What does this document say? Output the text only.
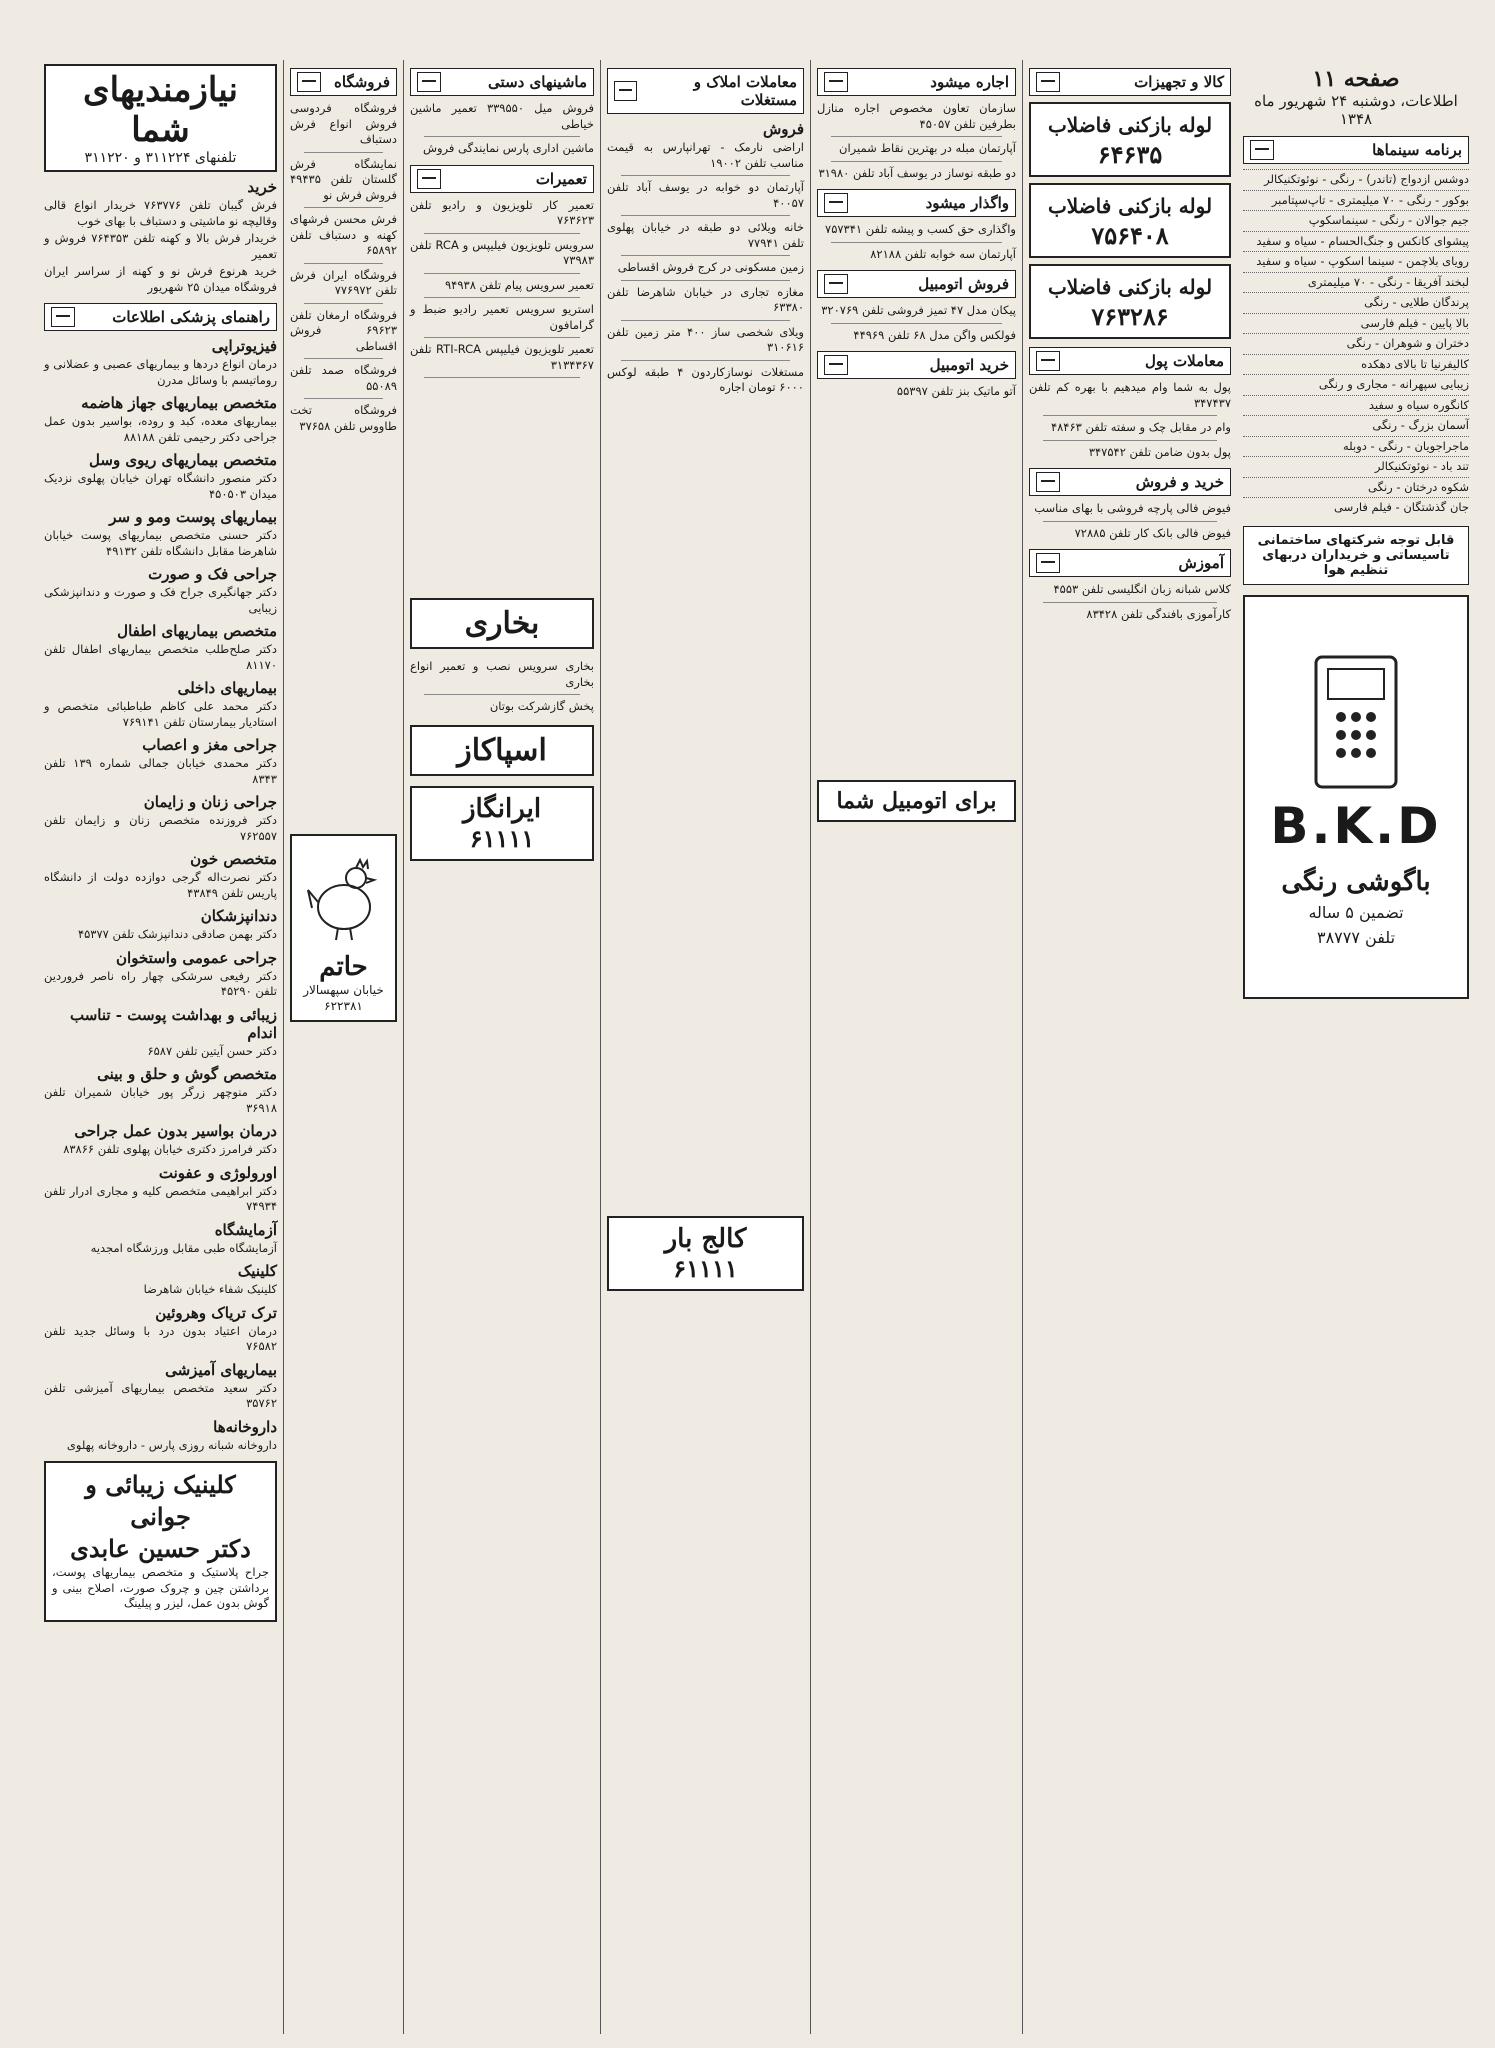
نیازمندیهای شما
تلفنهای ۳۱۱۲۲۴ و ۳۱۱۲۲۰
خرید
فرش گیبان تلفن ۷۶۳۷۷۶ خریدار انواع قالی وقالیچه نو ماشیتی و دستباف با بهای خوب
خریدار فرش بالا و کهنه تلفن ۷۶۴۳۵۳ فروش و تعمیر
خرید هرنوع فرش نو و کهنه از سراسر ایران فروشگاه میدان ۲۵ شهریور
راهنمای پزشکی اطلاعات
فیزیوتراپی
درمان انواع دردها و بیماریهای عصبی و عضلانی و روماتیسم با وسائل مدرن
متخصص بیماریهای جهاز هاضمه
بیماریهای معده، کبد و روده، بواسیر بدون عمل جراحی دکتر رحیمی تلفن ۸۸۱۸۸
متخصص بیماریهای ریوی وسل
دکتر منصور دانشگاه تهران خیابان پهلوی نزدیک میدان ۴۵۰۵۰۳
بیماریهای پوست ومو و سر
دکتر حسنی متخصص بیماریهای پوست خیابان شاهرضا مقابل دانشگاه تلفن ۴۹۱۳۲
جراحی فک و صورت
دکتر جهانگیری جراح فک و صورت و دندانپزشکی زیبایی
متخصص بیماریهای اطفال
دکتر صلح‌طلب متخصص بیماریهای اطفال تلفن ۸۱۱۷۰
بیماریهای داخلی
دکتر محمد علی کاظم طباطبائی متخصص و استادیار بیمارستان تلفن ۷۶۹۱۴۱
جراحی مغز و اعصاب
دکتر محمدی خیابان جمالی شماره ۱۳۹ تلفن ۸۳۴۳
جراحی زنان و زایمان
دکتر فروزنده متخصص زنان و زایمان تلفن ۷۶۲۵۵۷
متخصص خون
دکتر نصرت‌اله گرجی دوازده دولت از دانشگاه پاریس تلفن ۴۳۸۴۹
دندانپزشکان
دکتر بهمن صادقی دندانپزشک تلفن ۴۵۳۷۷
جراحی عمومی واستخوان
دکتر رفیعی سرشکی چهار راه ناصر فروردین تلفن ۴۵۲۹۰
زیبائی و بهداشت پوست - تناسب اندام
دکتر حسن آیتین تلفن ۶۵۸۷
متخصص گوش و حلق و بینی
دکتر منوچهر زرگر پور خیابان شمیران تلفن ۳۶۹۱۸
درمان بواسیر بدون عمل جراحی
دکتر فرامرز دکتری خیابان پهلوی تلفن ۸۳۸۶۶
اورولوژی و عفونت
دکتر ابراهیمی متخصص کلیه و مجاری ادرار تلفن ۷۴۹۳۴
آزمایشگاه
آزمایشگاه طبی مقابل ورزشگاه امجدیه
کلینیک
کلینیک شفاء خیابان شاهرضا
ترک تریاک وهروئین
درمان اعتیاد بدون درد با وسائل جدید تلفن ۷۶۵۸۲
بیماریهای آمیزشی
دکتر سعید متخصص بیماریهای آمیزشی تلفن ۳۵۷۶۲
داروخانه‌ها
داروخانه شبانه روزی پارس - داروخانه پهلوی
کلینیک زیبائی و جوانی
دکتر حسین عابدی
جراح پلاستیک و متخصص بیماریهای پوست، برداشتن چین و چروک صورت، اصلاح بینی و گوش بدون عمل، لیزر و پیلینگ
فروشگاه
فروشگاه فردوسی فروش انواع فرش دستباف
نمایشگاه فرش گلستان تلفن ۴۹۴۳۵ فروش فرش نو
فرش محسن فرشهای کهنه و دستباف تلفن ۶۵۸۹۲
فروشگاه ایران فرش تلفن ۷۷۶۹۷۲
فروشگاه ارمغان تلفن ۶۹۶۲۳ فروش اقساطی
فروشگاه صمد تلفن ۵۵۰۸۹
فروشگاه تخت طاووس تلفن ۳۷۶۵۸
حاتم
خیابان سپهسالار ۶۲۲۳۸۱
ماشینهای دستی
فروش میل ۳۳۹۵۵۰ تعمیر ماشین خیاطی
ماشین اداری پارس نمایندگی فروش
تعمیرات
تعمیر کار تلویزیون و رادیو تلفن ۷۶۳۶۲۳
سرویس تلویزیون فیلیپس و RCA تلفن ۷۳۹۸۳
تعمیر سرویس پیام تلفن ۹۴۹۳۸
استریو سرویس تعمیر رادیو ضبط و گرامافون
تعمیر تلویزیون فیلیپس RTI-RCA تلفن ۳۱۳۴۳۶۷
بخاری
بخاری سرویس نصب و تعمیر انواع بخاری
پخش گازشرکت بوتان
اسپاکاز
ایرانگاز
۶۱۱۱۱
معاملات املاک و مستغلات
فروش
اراضی نارمک - تهرانپارس به قیمت مناسب تلفن ۱۹۰۰۲
آپارتمان دو خوابه در یوسف آباد تلفن ۴۰۰۵۷
خانه ویلائی دو طبقه در خیابان پهلوی تلفن ۷۷۹۴۱
زمین مسکونی در کرج فروش اقساطی
مغازه تجاری در خیابان شاهرضا تلفن ۶۳۳۸۰
ویلای شخصی ساز ۴۰۰ متر زمین تلفن ۳۱۰۶۱۶
مستغلات نوسازکاردون ۴ طبقه لوکس ۶۰۰۰ تومان اجاره
کالج بار
۶۱۱۱۱
اجاره میشود
سازمان تعاون مخصوص اجاره منازل بطرفین تلفن ۴۵۰۵۷
آپارتمان مبله در بهترین نقاط شمیران
دو طبقه نوساز در یوسف آباد تلفن ۳۱۹۸۰
واگذار میشود
واگذاری حق کسب و پیشه تلفن ۷۵۷۳۴۱
آپارتمان سه خوابه تلفن ۸۲۱۸۸
فروش اتومبیل
پیکان مدل ۴۷ تمیز فروشی تلفن ۳۲۰۷۶۹
فولکس واگن مدل ۶۸ تلفن ۴۴۹۶۹
خرید اتومبیل
آتو ماتیک بنز تلفن ۵۵۳۹۷
برای اتومبیل شما
کالا و تجهیزات
لوله بازکنی فاضلاب
۶۴۶۳۵
لوله بازکنی فاضلاب
۷۵۶۴۰۸
لوله بازکنی فاضلاب
۷۶۳۲۸۶
معاملات پول
پول به شما وام میدهیم با بهره کم تلفن ۳۴۷۴۳۷
وام در مقابل چک و سفته تلفن ۴۸۴۶۳
پول بدون ضامن تلفن ۳۴۷۵۴۲
خرید و فروش
فیوض فالی پارچه فروشی با بهای مناسب
فیوض فالی بانک کار تلفن ۷۲۸۸۵
آموزش
کلاس شبانه زبان انگلیسی تلفن ۴۵۵۳
کارآموزی بافندگی تلفن ۸۳۴۲۸
صفحه ۱۱
اطلاعات، دوشنبه ۲۴ شهریور ماه ۱۳۴۸
برنامه سینماها
دوشس ازدواج (تاندر) - رنگی - نوئوتکنیکالر
بوکور - رنگی - ۷۰ میلیمتری - تاپ‌سپتامبر
جیم جوالان - رنگی - سینماسکوپ
پیشوای کانکس و جنگ‌الحسام - سیاه و سفید
رویای بلاچمن - سینما اسکوپ - سیاه و سفید
لبخند آفریقا - رنگی - ۷۰ میلیمتری
پرندگان طلایی - رنگی
بالا پایین - فیلم فارسی
دختران و شوهران - رنگی
کالیفرنیا تا بالای دهکده
زیبایی سپهرانه - مجاری و رنگی
کانگوره سیاه و سفید
آسمان بزرگ - رنگی
ماجراجویان - رنگی - دوبله
تند باد - نوئوتکنیکالر
شکوه درختان - رنگی
جان گذشتگان - فیلم فارسی
قابل توجه شرکتهای ساختمانی تاسیساتی و خریداران دربهای تنظیم هوا
B.K.D
باگوشی رنگی
تضمین ۵ ساله
تلفن ۳۸۷۷۷
